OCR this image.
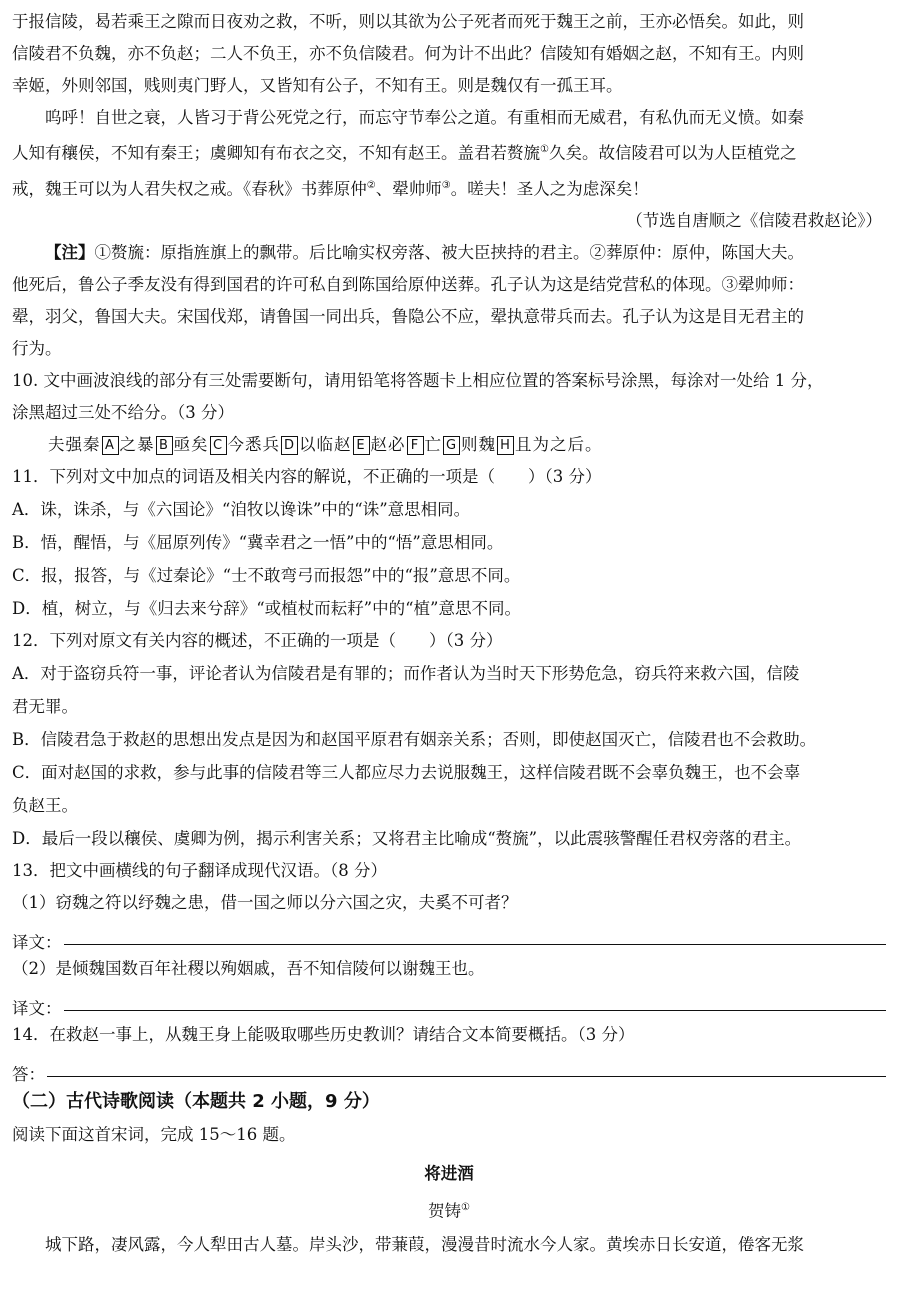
于报信陵，曷若乘王之隙而日夜劝之救，不听，则以其欲为公子死者而死于魏王之前，王亦必悟矣。如此，则

信陵君不负魏，亦不负赵；二人不负王，亦不负信陵君。何为计不出此？信陵知有婚姻之赵，不知有王。内则

幸姬，外则邻国，贱则夷门野人，又皆知有公子，不知有王。则是魏仅有一孤王耳。

呜呼！自世之衰，人皆习于背公死党之行，而忘守节奉公之道。有重相而无威君，有私仇而无义愤。如秦

人知有穰侯，不知有秦王；虞卿知有布衣之交，不知有赵王。盖君若赘旒①久矣。故信陵君可以为人臣植党之

戒，魏王可以为人君失权之戒。《春秋》书葬原仲②、翚帅师③。嗟夫！圣人之为虑深矣！

（节选自唐顺之《信陵君救赵论》）

【注】①赘旒：原指旌旗上的飘带。后比喻实权旁落、被大臣挟持的君主。②葬原仲：原仲，陈国大夫。

他死后，鲁公子季友没有得到国君的许可私自到陈国给原仲送葬。孔子认为这是结党营私的体现。③翚帅师：

翚，羽父，鲁国大夫。宋国伐郑，请鲁国一同出兵，鲁隐公不应，翚执意带兵而去。孔子认为这是目无君主的

行为。

10. 文中画波浪线的部分有三处需要断句，请用铅笔将答题卡上相应位置的答案标号涂黑，每涂对一处给 1 分，

涂黑超过三处不给分。（3 分）

夫强秦 A 之暴 B 亟矣 C 今悉兵 D 以临赵 E 赵必 F 亡 G 则魏 H 且为之后。

11．下列对文中加点的词语及相关内容的解说，不正确的一项是（　　）（3 分）

A．诛，诛杀，与《六国论》“洎牧以谗诛”中的“诛”意思相同。

B．悟，醒悟，与《屈原列传》“冀幸君之一悟”中的“悟”意思相同。

C．报，报答，与《过秦论》“士不敢弯弓而报怨”中的“报”意思不同。

D．植，树立，与《归去来兮辞》“或植杖而耘耔”中的“植”意思不同。

12．下列对原文有关内容的概述，不正确的一项是（　　）（3 分）

A．对于盗窃兵符一事，评论者认为信陵君是有罪的；而作者认为当时天下形势危急，窃兵符来救六国，信陵

君无罪。

B．信陵君急于救赵的思想出发点是因为和赵国平原君有姻亲关系；否则，即使赵国灭亡，信陵君也不会救助。

C．面对赵国的求救，参与此事的信陵君等三人都应尽力去说服魏王，这样信陵君既不会辜负魏王，也不会辜

负赵王。

D．最后一段以穰侯、虞卿为例，揭示利害关系；又将君主比喻成“赘旒”，以此震骇警醒任君权旁落的君主。

13．把文中画横线的句子翻译成现代汉语。（8 分）

（1）窃魏之符以纾魏之患，借一国之师以分六国之灾，夫奚不可者？

译文：

（2）是倾魏国数百年社稷以殉姻戚，吾不知信陵何以谢魏王也。

译文：

14．在救赵一事上，从魏王身上能吸取哪些历史教训？请结合文本简要概括。（3 分）

答：

（二）古代诗歌阅读（本题共 2 小题，9 分）

阅读下面这首宋词，完成 15～16 题。

将进酒

贺铸①

城下路，凄风露，今人犁田古人墓。岸头沙，带蒹葭，漫漫昔时流水今人家。黄埃赤日长安道，倦客无浆
